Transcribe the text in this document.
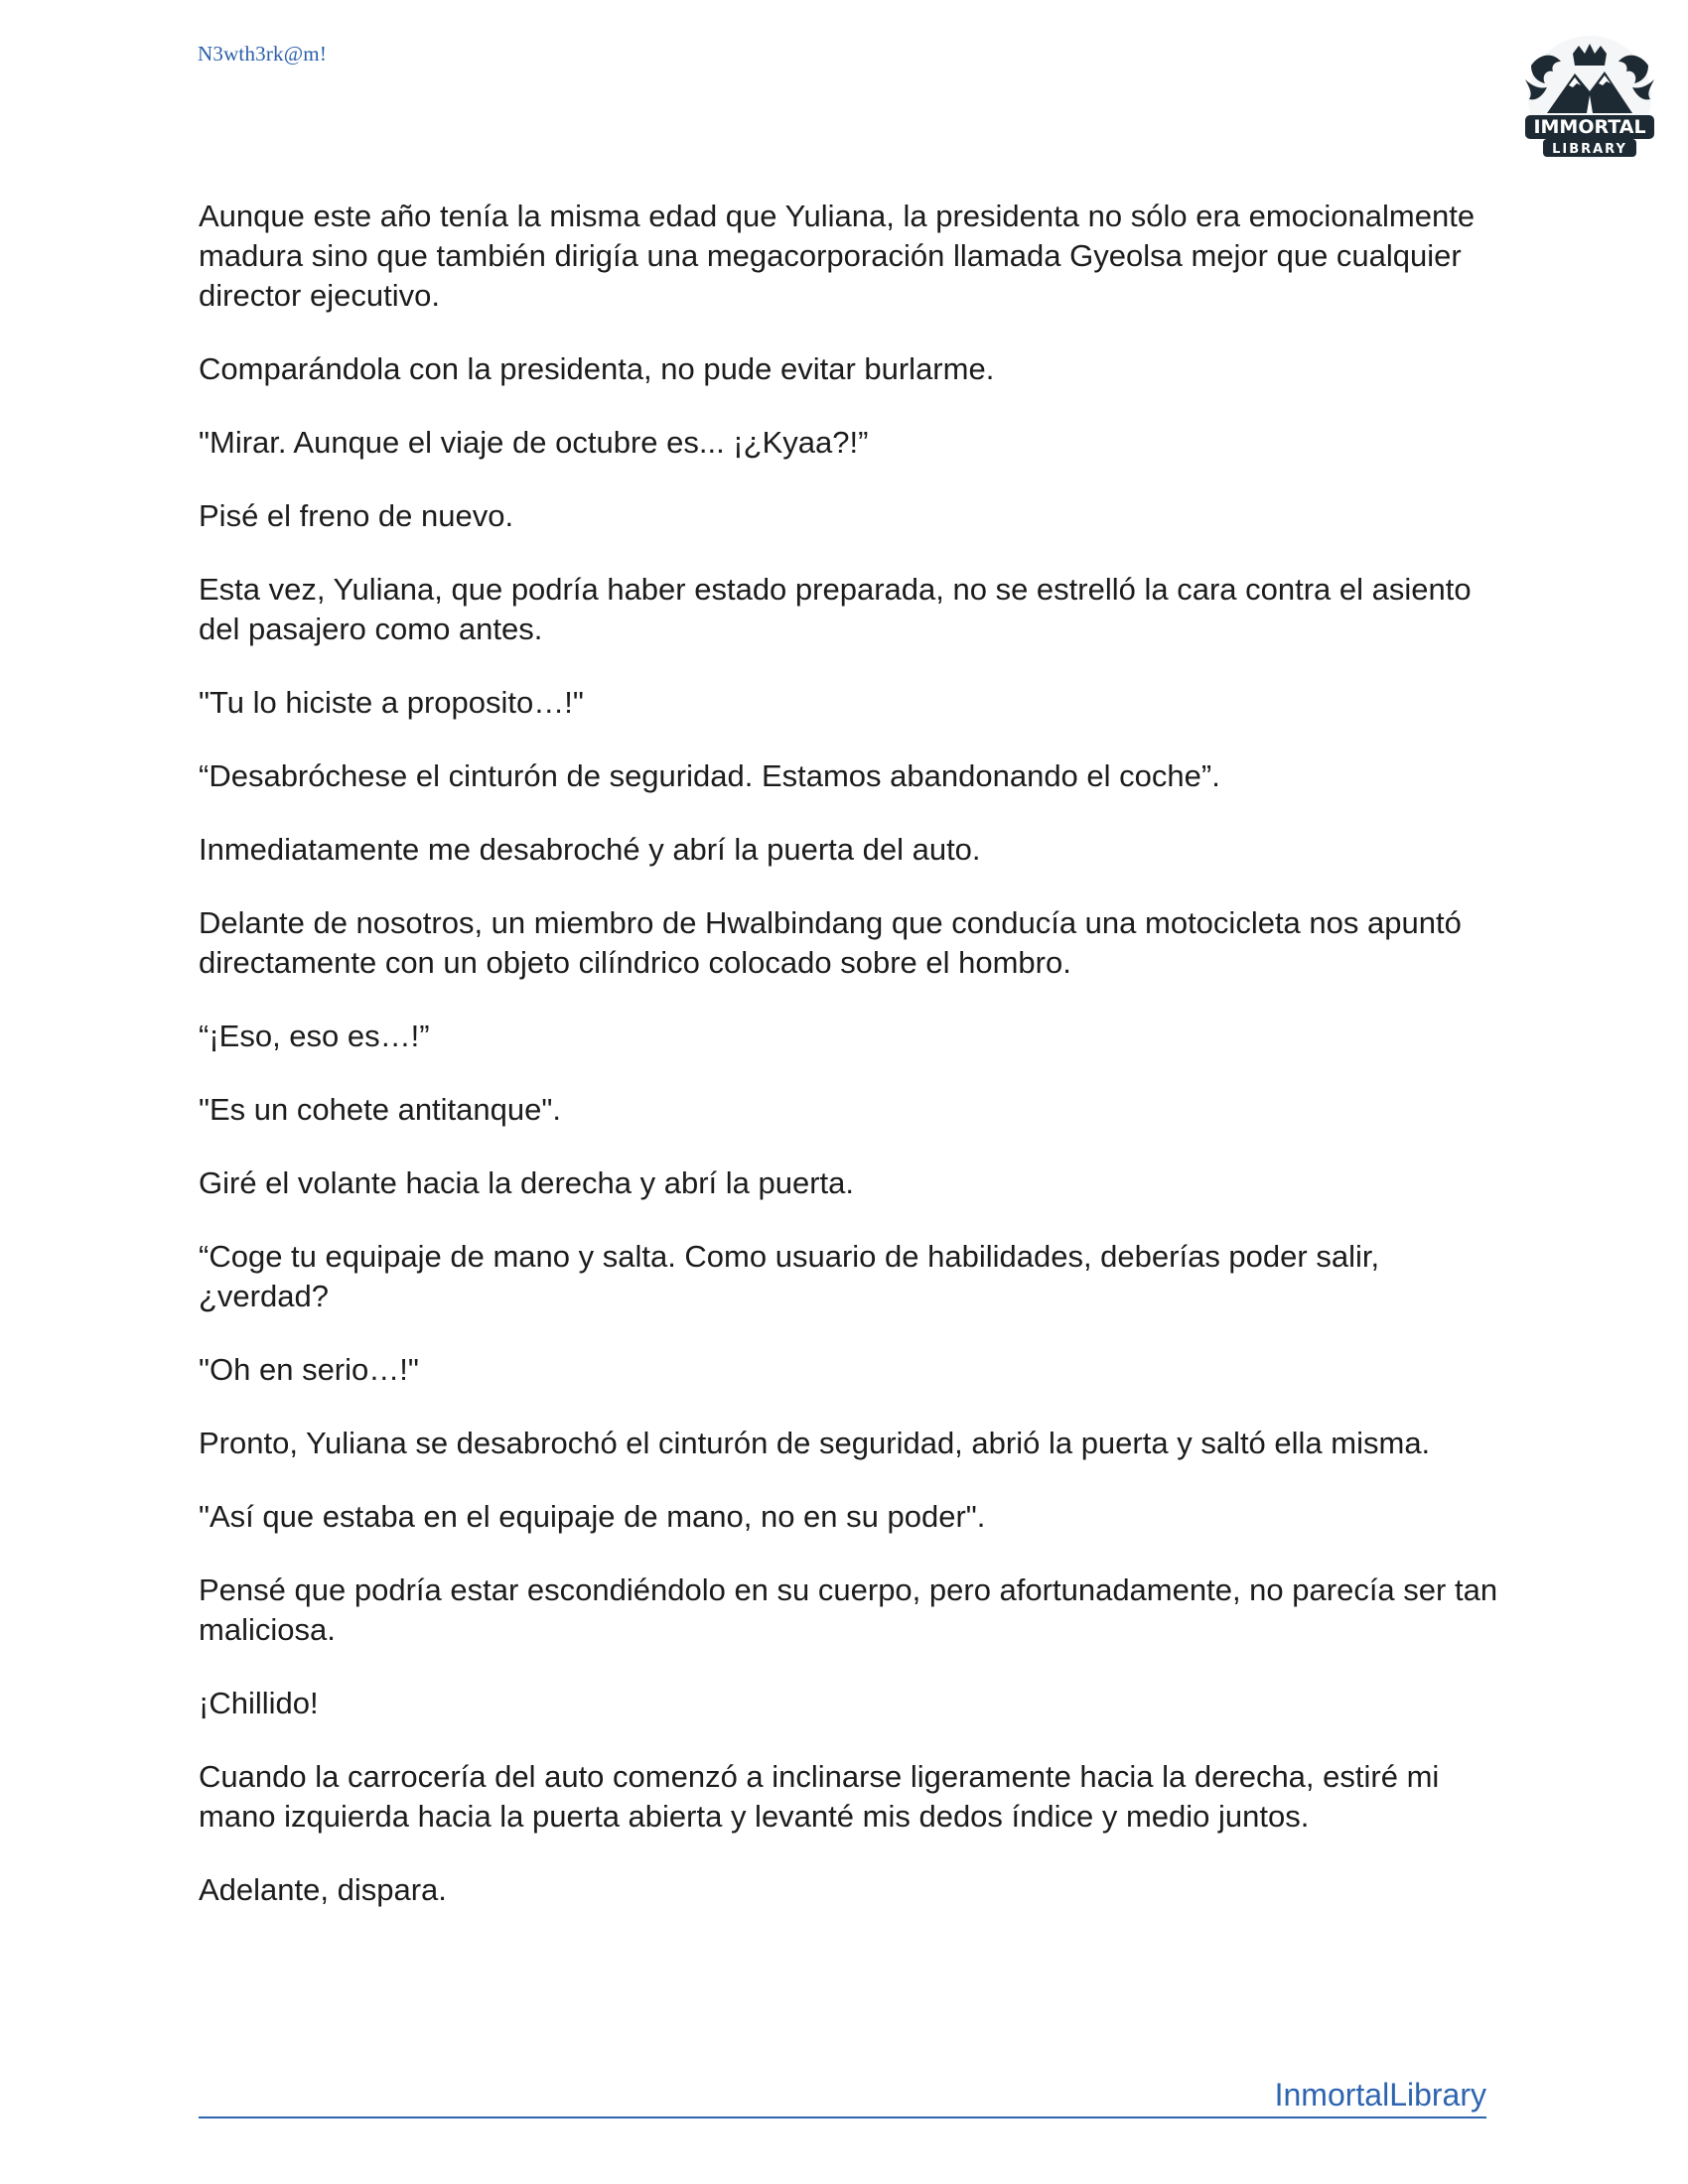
N3wth3rk@m!
IMMORTAL
LIBRARY

Aunque este año tenía la misma edad que Yuliana, la presidenta no sólo era emocionalmente madura sino que también dirigía una megacorporación llamada Gyeolsa mejor que cualquier director ejecutivo.

Comparándola con la presidenta, no pude evitar burlarme.

"Mirar. Aunque el viaje de octubre es... ¡¿Kyaa?!”

Pisé el freno de nuevo.

Esta vez, Yuliana, que podría haber estado preparada, no se estrelló la cara contra el asiento del pasajero como antes.

"Tu lo hiciste a proposito…!"

“Desabróchese el cinturón de seguridad. Estamos abandonando el coche”.

Inmediatamente me desabroché y abrí la puerta del auto.

Delante de nosotros, un miembro de Hwalbindang que conducía una motocicleta nos apuntó directamente con un objeto cilíndrico colocado sobre el hombro.

“¡Eso, eso es…!”

"Es un cohete antitanque".

Giré el volante hacia la derecha y abrí la puerta.

“Coge tu equipaje de mano y salta. Como usuario de habilidades, deberías poder salir, ¿verdad?

"Oh en serio…!"

Pronto, Yuliana se desabrochó el cinturón de seguridad, abrió la puerta y saltó ella misma.

"Así que estaba en el equipaje de mano, no en su poder".

Pensé que podría estar escondiéndolo en su cuerpo, pero afortunadamente, no parecía ser tan maliciosa.

¡Chillido!

Cuando la carrocería del auto comenzó a inclinarse ligeramente hacia la derecha, estiré mi mano izquierda hacia la puerta abierta y levanté mis dedos índice y medio juntos.

Adelante, dispara.

InmortalLibrary
